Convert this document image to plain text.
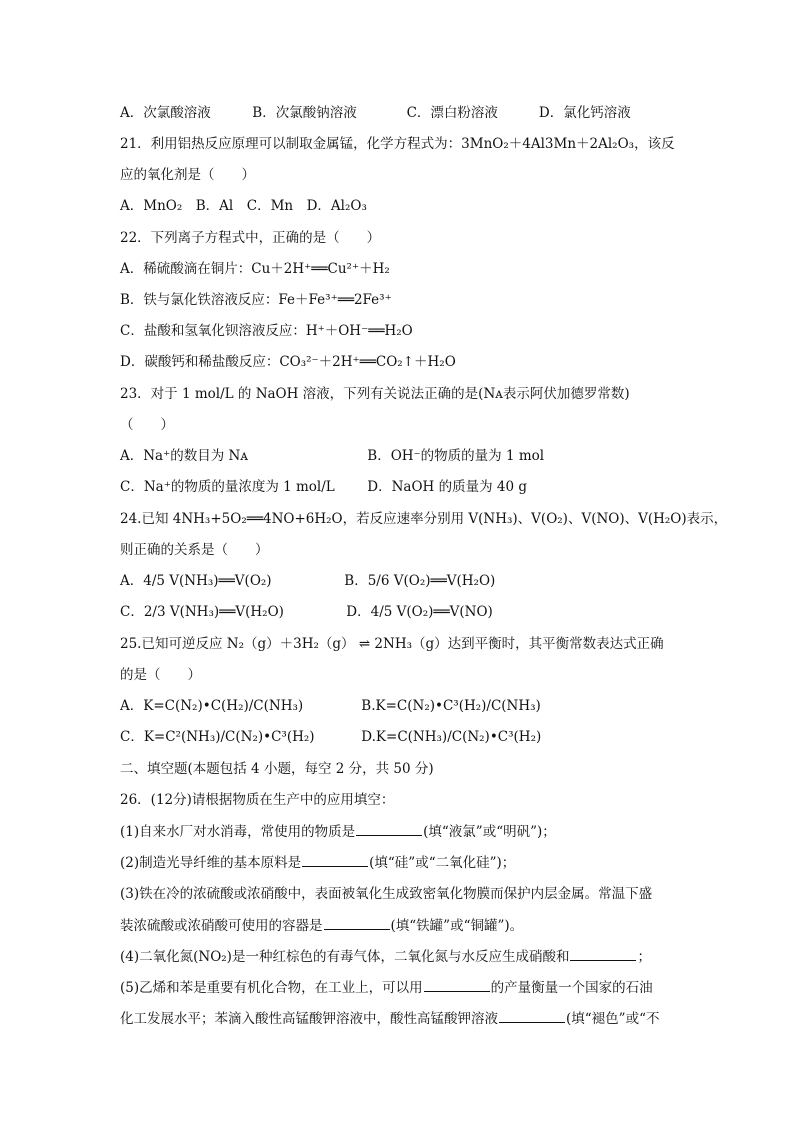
A．次氯酸溶液	B．次氯酸钠溶液	C．漂白粉溶液	D．氯化钙溶液
21．利用铝热反应原理可以制取金属锰，化学方程式为：3MnO₂＋4Al3Mn＋2Al₂O₃，该反
应的氧化剂是（　　）
A．MnO₂　B．Al　C．Mn　D．Al₂O₃
22．下列离子方程式中，正确的是（　　）
A．稀硫酸滴在铜片：Cu＋2H⁺══Cu²⁺＋H₂
B．铁与氯化铁溶液反应：Fe＋Fe³⁺══2Fe³⁺
C．盐酸和氢氧化钡溶液反应：H⁺＋OH⁻══H₂O
D．碳酸钙和稀盐酸反应：CO₃²⁻＋2H⁺══CO₂↑＋H₂O
23．对于 1 mol/L 的 NaOH 溶液，下列有关说法正确的是(Nᴀ表示阿伏加德罗常数)
（　　）
A．Na⁺的数目为 Nᴀ	B．OH⁻的物质的量为 1 mol
C．Na⁺的物质的量浓度为 1 mol/L D．NaOH 的质量为 40 g
24.已知 4NH₃+5O₂══4NO+6H₂O，若反应速率分别用 V(NH₃)、V(O₂)、V(NO)、V(H₂O)表示，
则正确的关系是（　　）
A．4/5 V(NH₃)══V(O₂)	B．5/6 V(O₂)══V(H₂O)
C．2/3 V(NH₃)══V(H₂O)	D．4/5 V(O₂)══V(NO)
25.已知可逆反应 N₂（g）＋3H₂（g） ⇌ 2NH₃（g）达到平衡时，其平衡常数表达式正确
的是（　　）
A．K=C(N₂)•C(H₂)/C(NH₃)	B.K=C(N₂)•C³(H₂)/C(NH₃)
C．K=C²(NH₃)/C(N₂)•C³(H₂)	D.K=C(NH₃)/C(N₂)•C³(H₂)
二、填空题(本题包括 4 小题，每空 2 分，共 50 分)
26．(12分)请根据物质在生产中的应用填空：
(1)自来水厂对水消毒，常使用的物质是	(填“液氯”或“明矾”)；
(2)制造光导纤维的基本原料是	(填“硅”或“二氧化硅”)；
(3)铁在冷的浓硫酸或浓硝酸中，表面被氧化生成致密氧化物膜而保护内层金属。常温下盛
装浓硫酸或浓硝酸可使用的容器是	(填“铁罐”或“铜罐”)。
(4)二氧化氮(NO₂)是一种红棕色的有毒气体，二氧化氮与水反应生成硝酸和	；
(5)乙烯和苯是重要有机化合物，在工业上，可以用	的产量衡量一个国家的石油
化工发展水平；苯滴入酸性高锰酸钾溶液中，酸性高锰酸钾溶液	(填“褪色”或“不
